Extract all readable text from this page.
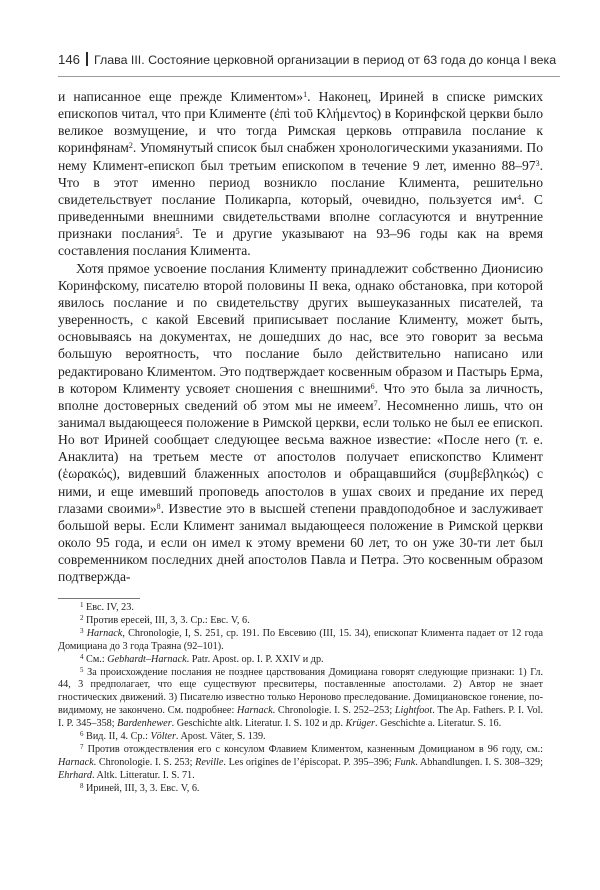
146 Глава III. Состояние церковной организации в период от 63 года до конца I века

и написанное еще прежде Климентом»$^1$. Наконец, Ириней в списке римских епископов читал, что при Клименте (ἐπὶ τοῦ Κλήμεντος) в Коринфской церкви было великое возмущение, и что тогда Римская церковь отправила послание к коринфянам$^2$. Упомянутый список был снабжен хронологическими указаниями. По нему Климент-епископ был третьим епископом в течение 9 лет, именно $88-97^3$. Что в этот именно период возникло послание Климента, решительно свидетельствует послание Поликарпа, который, очевидно, пользуется $им^4$. С приведенными внешними свидетельствами вполне согласуются и внутренние признаки послания$^5$. Те и другие указывают на 93–96 годы как на время составления послания Климента.

Хотя прямое усвоение послания Клименту принадлежит собственно Дионисию Коринфскому, писателю второй половины II века, однако обстановка, при которой явилось послание и по свидетельству других вышеуказанных писателей, та уверенность, с какой Евсевий приписывает послание Клименту, может быть, основываясь на документах, не дошедших до нас, все это говорит за весьма большую вероятность, что послание было действительно написано или редактировано Климентом. Это подтверждает косвенным образом и Пастырь Ерма, в котором Клименту усвояет сношения с внешними$^6$. Что это была за личность, вполне достоверных сведений об этом мы не имеем$^7$. Несомненно лишь, что он занимал выдающееся положение в Римской церкви, если только не был ее епископ. Но вот Ириней сообщает следующее весьма важное известие: «После него (т. е. Анаклита) на третьем месте от апостолов получает епископство Климент (ἑωρακώς), видевший блаженных апостолов и обращавшийся (συμβεβληκώς) с ними, и еще имевший проповедь апостолов в ушах своих и предание их перед глазами своими»$^8$. Известие это в высшей степени правдоподобное и заслуживает большой веры. Если Климент занимал выдающееся положение в Римской церкви около 95 года, и если он имел к этому времени 60 лет, то он уже 30-ти лет был современником последних дней апостолов Павла и Петра. Это косвенным образом подтвержда-

$^1$ Евс. IV, 23.

$^2$ Против ересей, III, 3, 3. Ср.: Евс. V, 6.

$^3$ Harnack, Chronologie, I, S. 251, ср. 191. По Евсевию (III, 15. 34), епископат Климента падает от 12 года Домициана до 3 года Траяна (92–101).

$^4$ См.: Gebhardt–Harnack. Patr. Apost. op. I. P. XXIV и др.

$^5$ За происхождение послания не позднее царствования Домициана говорят следующие признаки: 1) Гл. 44, 3 предполагает, что еще существуют пресвитеры, поставленные апостолами. 2) Автор не знает гностических движений. 3) Писателю известно только Нероново преследование. Домициановское гонение, по-видимому, не закончено. См. подробнее: Harnack. Chronologie. I. S. 252–253; Lightfoot. The Ap. Fathers. P. I. Vol. I. P. 345–358; Bardenhewer. Geschichte altk. Literatur. I. S. 102 и др. Krüger. Geschichte a. Literatur. S. 16.

$^6$ Вид. II, 4. Ср.: Völter. Apost. Väter, S. 139.

$^7$ Против отождествления его с консулом Флавием Климентом, казненным Домицианом в 96 году, см.: Harnack. Chronologie. I. S. 253; Reville. Les origines de l’épiscopat. P. 395–396; Funk. Abhandlungen. I. S. 308–329; Ehrhard. Altk. Litteratur. I. S. 71.

$^8$ Ириней, III, 3, 3. Евс. V, 6.
